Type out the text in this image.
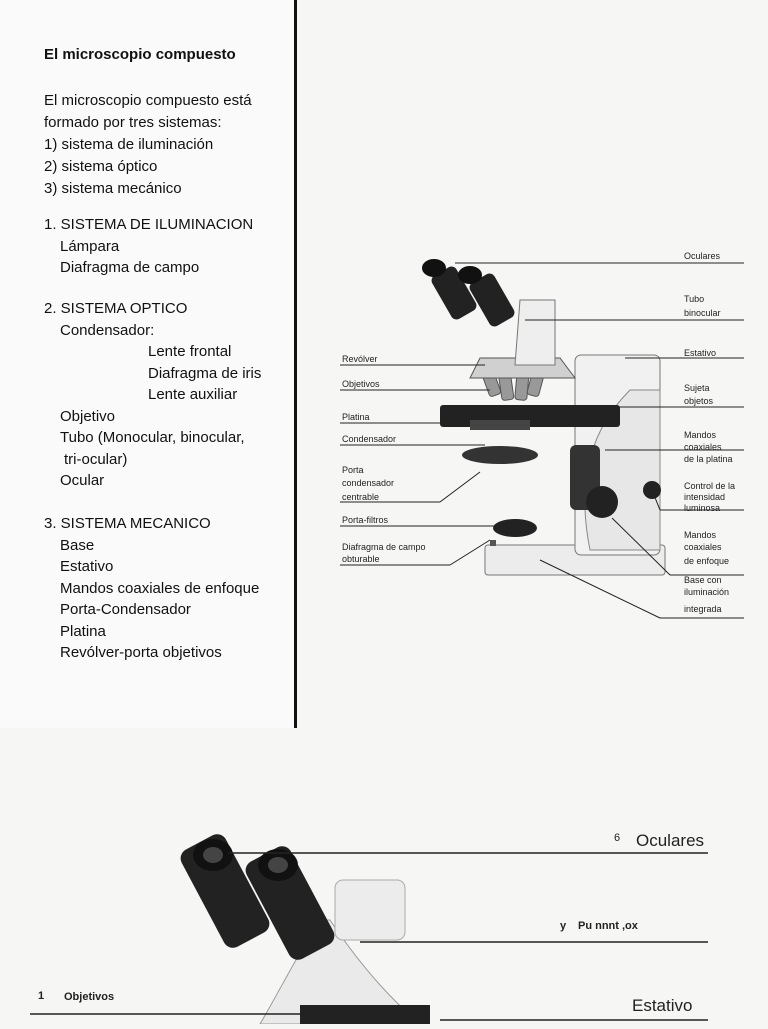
El microscopio compuesto
El microscopio compuesto está
formado por tres sistemas:
1) sistema de iluminación
2) sistema óptico
3) sistema mecánico
1. SISTEMA DE ILUMINACION
Lámpara
Diafragma de campo
2. SISTEMA OPTICO
Condensador:
Lente frontal
Diafragma de iris
Lente auxiliar
Objetivo
Tubo (Monocular, binocular,
tri-ocular)
Ocular
3. SISTEMA MECANICO
Base
Estativo
Mandos coaxiales de enfoque
Porta-Condensador
Platina
Revólver-porta objetivos
Oculares
Tubo
binocular
Estativo
Sujeta
objetos
Mandos
coaxiales
de la platina
Control de la
intensidad
luminosa
Mandos
coaxiales
de enfoque
Base con
iluminación
integrada
Revólver
Objetivos
Platina
Condensador
Porta
condensador
centrable
Porta-filtros
Diafragma de campo
obturable
6 Oculares
y Pu nnnt ,ox
1 Objetivos	Estativo
